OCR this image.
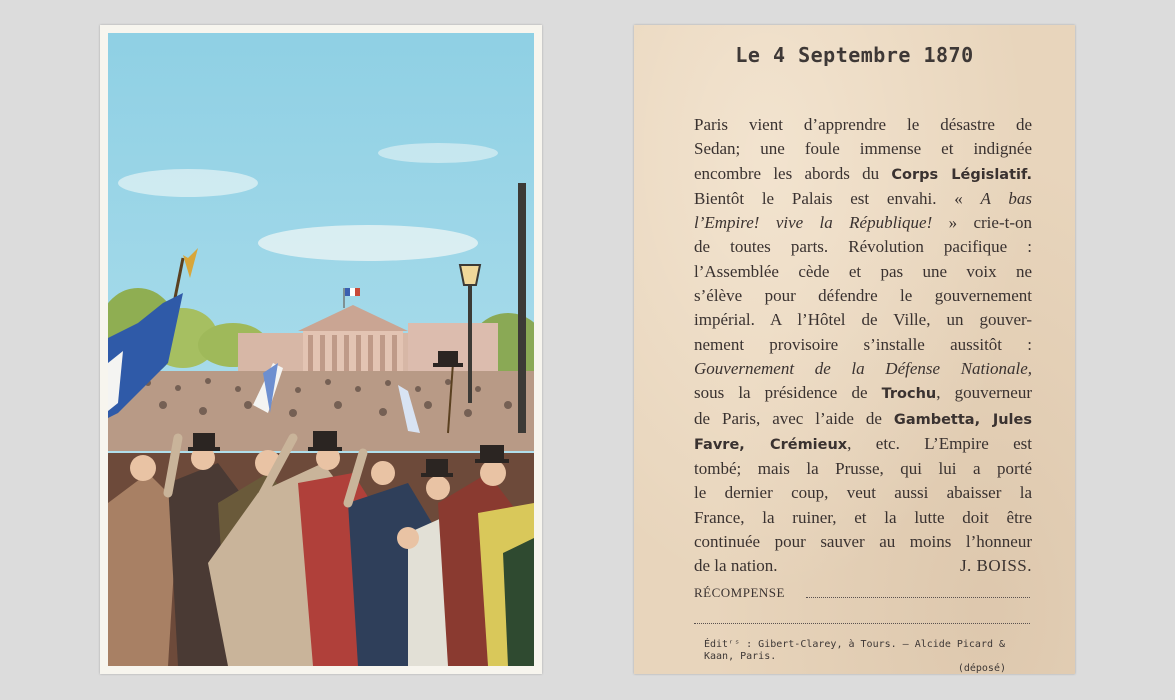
Le 4 Septembre 1870
Paris vient d’apprendre le désastre de
Sedan; une foule immense et indignée
encombre les abords du Corps Législatif.
Bientôt le Palais est envahi. « A bas
l’Empire! vive la République! » crie-t-on
de toutes parts. Révolution pacifique :
l’Assemblée cède et pas une voix ne
s’élève pour défendre le gouvernement
impérial. A l’Hôtel de Ville, un gouver-
nement provisoire s’installe aussitôt :
Gouvernement de la Défense Nationale,
sous la présidence de Trochu, gouverneur
de Paris, avec l’aide de Gambetta, Jules
Favre, Crémieux, etc. L’Empire est
tombé; mais la Prusse, qui lui a porté
le dernier coup, veut aussi abaisser la
France, la ruiner, et la lutte doit être
continuée pour sauver au moins l’honneur
de la nation.	J. BOISS.
RÉCOMPENSE
Éditʳˢ : Gibert-Clarey, à Tours. — Alcide Picard & Kaan, Paris.
(déposé)
